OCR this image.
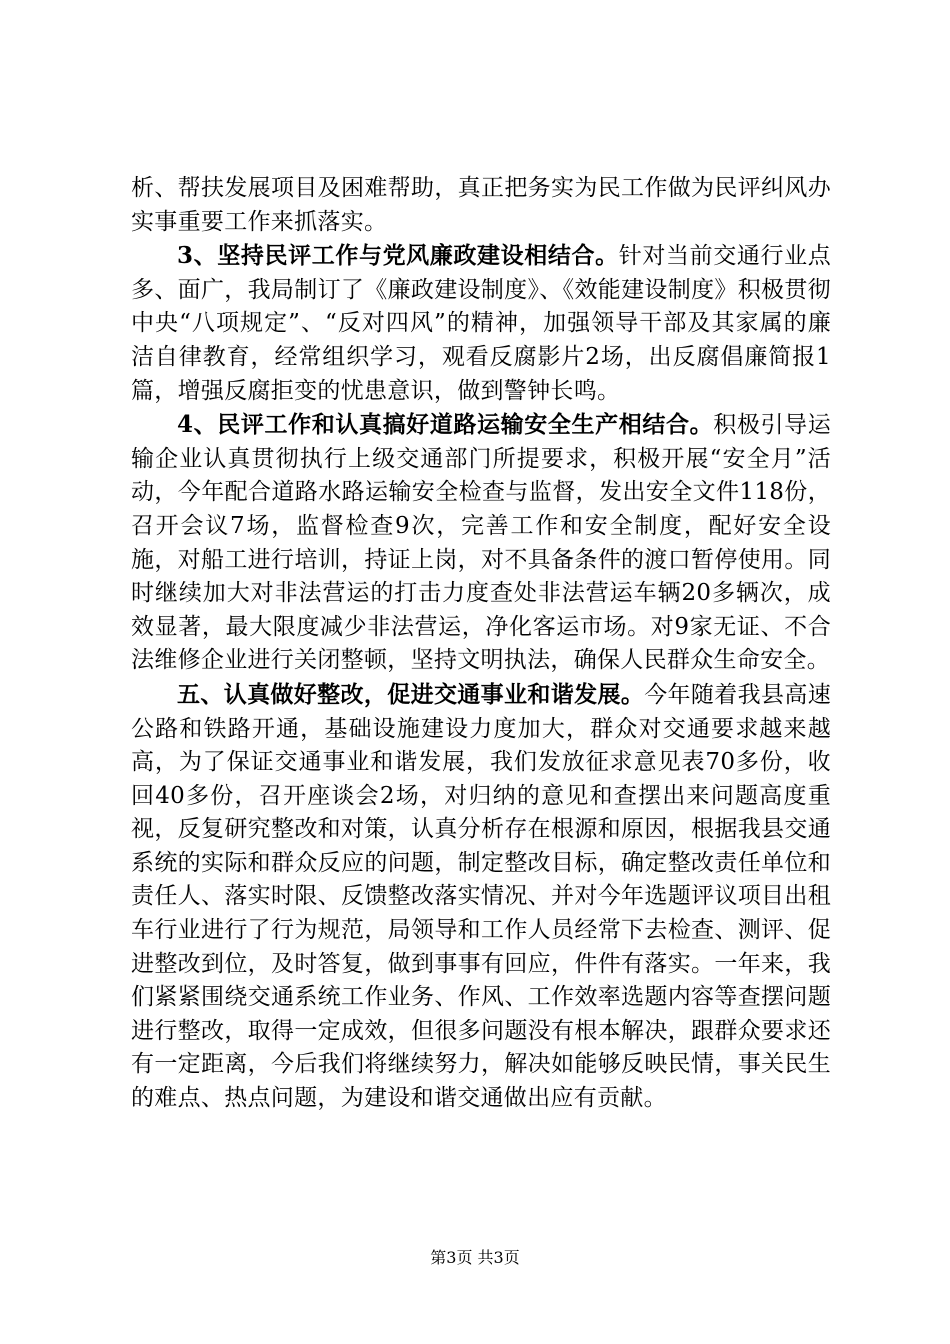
析、帮扶发展项目及困难帮助，真正把务实为民工作做为民评纠风办实事重要工作来抓落实。

3、坚持民评工作与党风廉政建设相结合。针对当前交通行业点多、面广，我局制订了《廉政建设制度》、《效能建设制度》积极贯彻中央“八项规定”、“反对四风”的精神，加强领导干部及其家属的廉洁自律教育，经常组织学习，观看反腐影片2场，出反腐倡廉简报1篇，增强反腐拒变的忧患意识，做到警钟长鸣。

4、民评工作和认真搞好道路运输安全生产相结合。积极引导运输企业认真贯彻执行上级交通部门所提要求，积极开展“安全月”活动，今年配合道路水路运输安全检查与监督，发出安全文件118份，召开会议7场，监督检查9次，完善工作和安全制度，配好安全设施，对船工进行培训，持证上岗，对不具备条件的渡口暂停使用。同时继续加大对非法营运的打击力度查处非法营运车辆20多辆次，成效显著，最大限度减少非法营运，净化客运市场。对9家无证、不合法维修企业进行关闭整顿，坚持文明执法，确保人民群众生命安全。

五、认真做好整改，促进交通事业和谐发展。今年随着我县高速公路和铁路开通，基础设施建设力度加大，群众对交通要求越来越高，为了保证交通事业和谐发展，我们发放征求意见表70多份，收回40多份，召开座谈会2场，对归纳的意见和查摆出来问题高度重视，反复研究整改和对策，认真分析存在根源和原因，根据我县交通系统的实际和群众反应的问题，制定整改目标，确定整改责任单位和责任人、落实时限、反馈整改落实情况、并对今年选题评议项目出租车行业进行了行为规范，局领导和工作人员经常下去检查、测评、促进整改到位，及时答复，做到事事有回应，件件有落实。一年来，我们紧紧围绕交通系统工作业务、作风、工作效率选题内容等查摆问题进行整改，取得一定成效，但很多问题没有根本解决，跟群众要求还有一定距离，今后我们将继续努力，解决如能够反映民情，事关民生的难点、热点问题，为建设和谐交通做出应有贡献。

第3页 共3页
